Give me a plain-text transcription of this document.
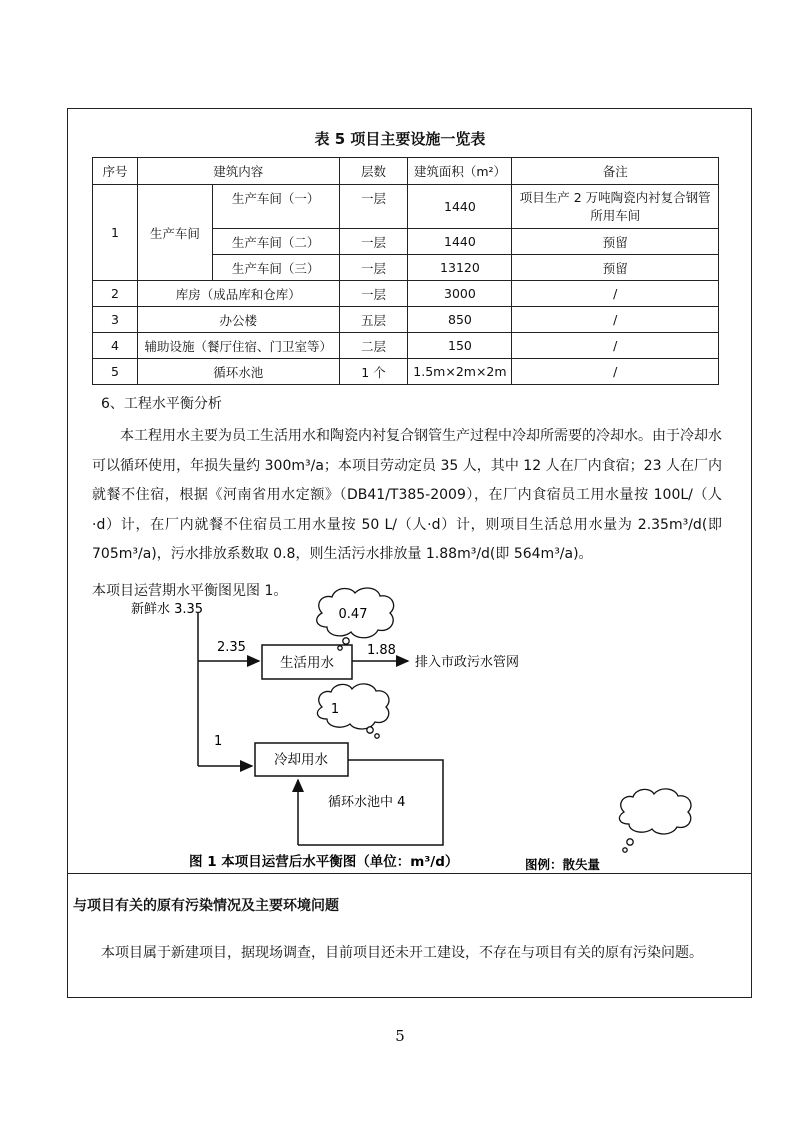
表 5 项目主要设施一览表
序号	建筑内容		层数	建筑面积（m²）	备注
1	生产车间	生产车间（一）	一层	1440	项目生产 2 万吨陶瓷内衬复合钢管所用车间
		生产车间（二）	一层	1440	预留
		生产车间（三）	一层	13120	预留
2	库房（成品库和仓库）		一层	3000	/
3	办公楼		五层	850	/
4	辅助设施（餐厅住宿、门卫室等）		二层	150	/
5	循环水池		1 个	1.5m×2m×2m	/
6、工程水平衡分析
本工程用水主要为员工生活用水和陶瓷内衬复合钢管生产过程中冷却所需要的冷却水。由于冷却水可以循环使用，年损失量约 300m³/a；本项目劳动定员 35 人，其中 12 人在厂内食宿；23 人在厂内就餐不住宿，根据《河南省用水定额》（DB41/T385-2009），在厂内食宿员工用水量按 100L/（人·d）计，在厂内就餐不住宿员工用水量按 50 L/（人·d）计，则项目生活总用水量为 2.35m³/d(即 705m³/a)，污水排放系数取 0.8，则生活污水排放量 1.88m³/d(即 564m³/a)。
本项目运营期水平衡图见图 1。
新鲜水 3.35
2.35
生活用水
0.47
1.88
排入市政污水管网
1
冷却用水
1
循环水池中 4
图 1 本项目运营后水平衡图（单位：m³/d）	图例：散失量
与项目有关的原有污染情况及主要环境问题
本项目属于新建项目，据现场调查，目前项目还未开工建设，不存在与项目有关的原有污染问题。
5
